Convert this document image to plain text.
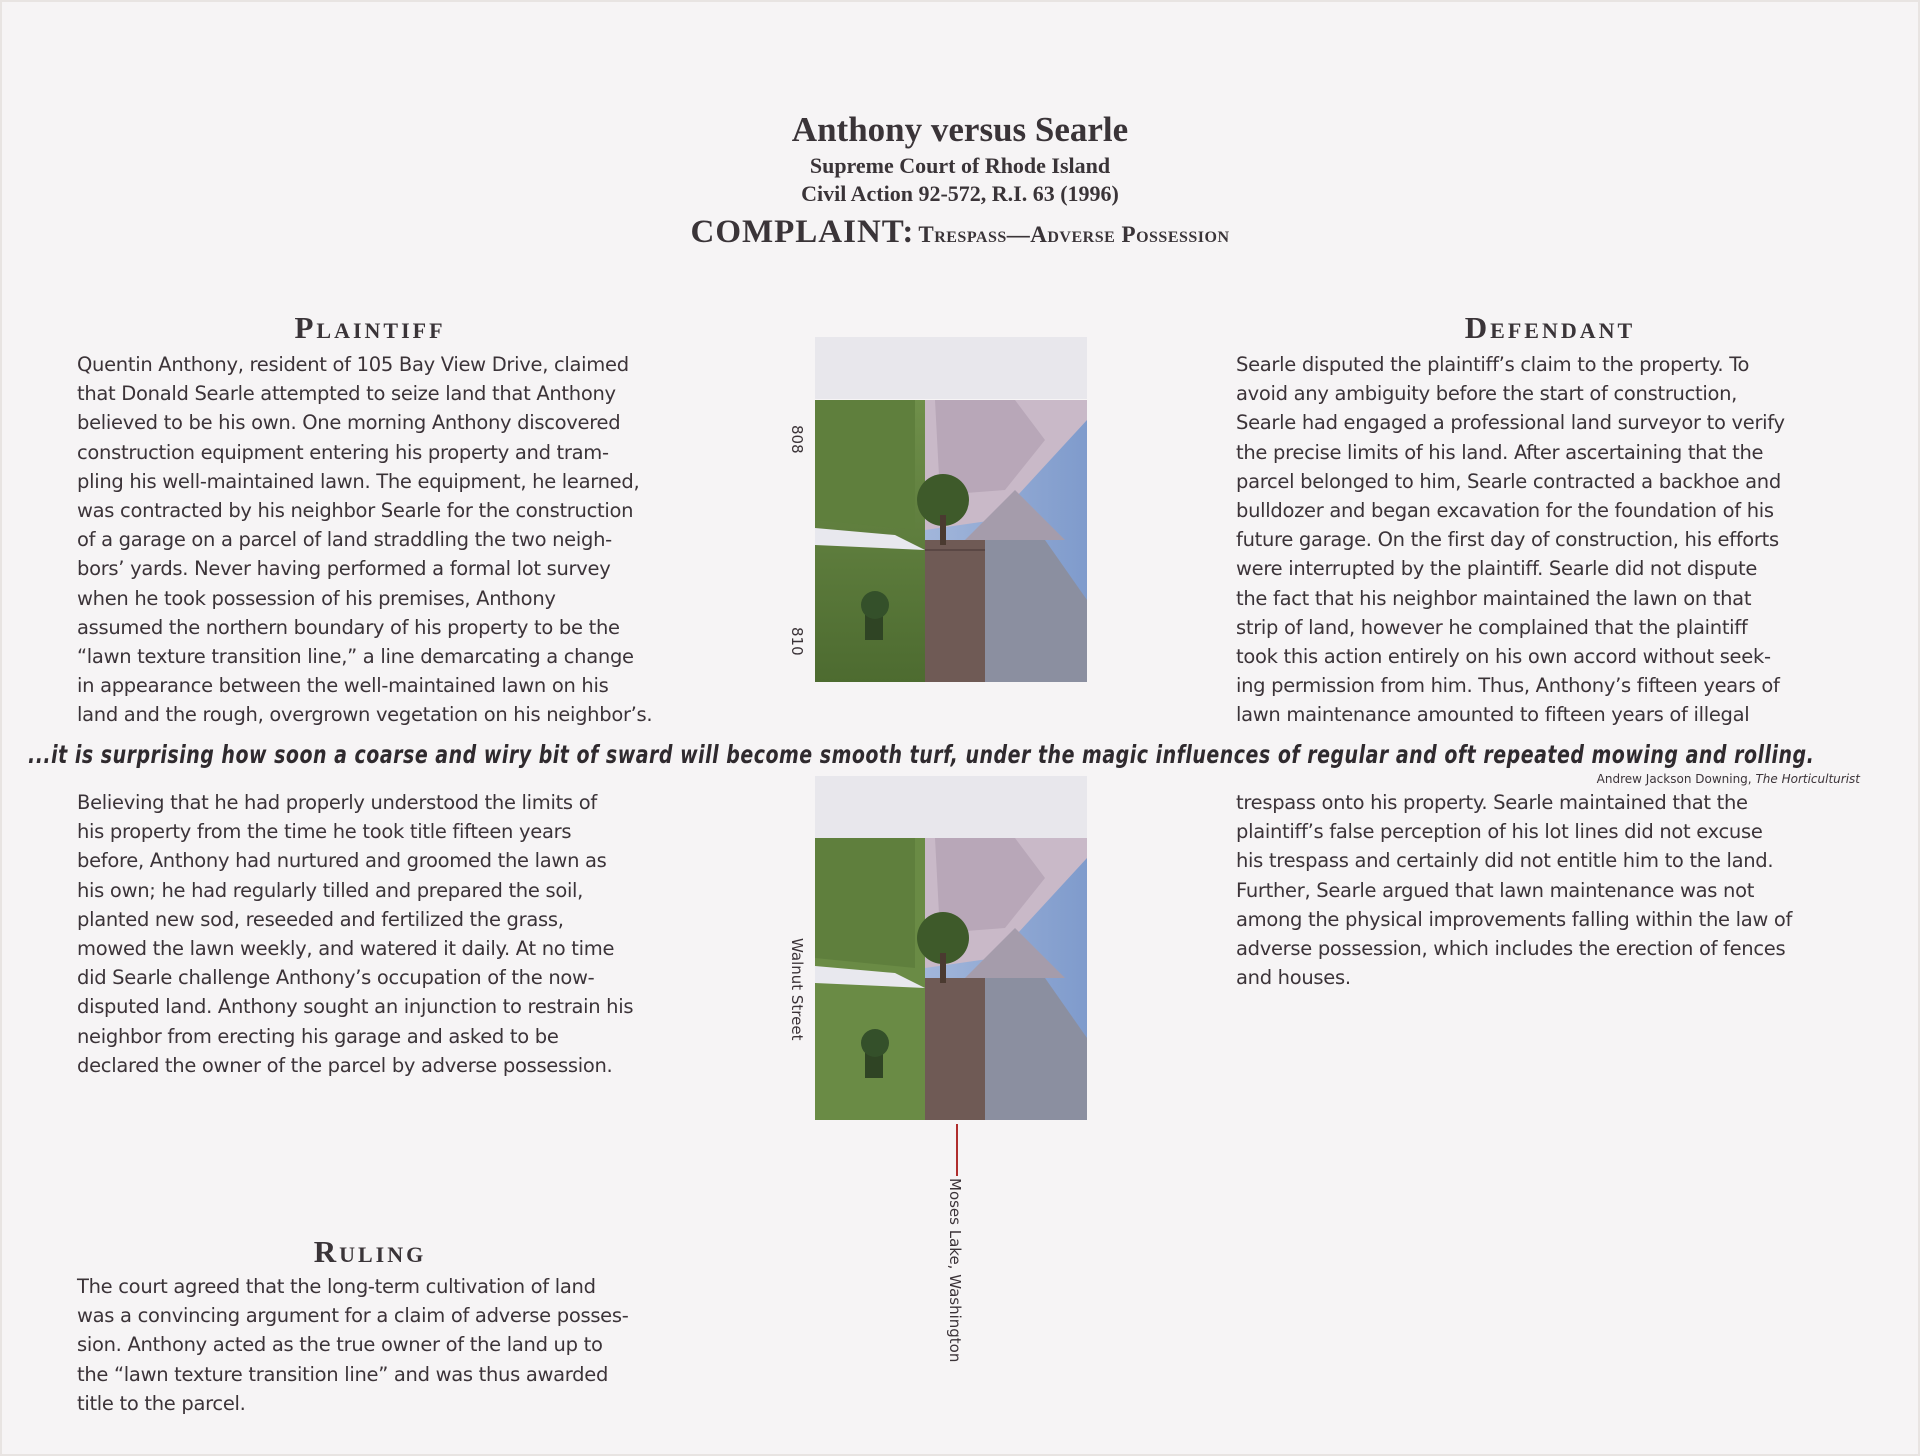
Anthony versus Searle
Supreme Court of Rhode Island
Civil Action 92-572, R.I. 63 (1996)
COMPLAINT: Trespass—Adverse Possession
Plaintiff

Quentin Anthony, resident of 105 Bay View Drive, claimed
that Donald Searle attempted to seize land that Anthony
believed to be his own. One morning Anthony discovered
construction equipment entering his property and tram-
pling his well-maintained lawn. The equipment, he learned,
was contracted by his neighbor Searle for the construction
of a garage on a parcel of land straddling the two neigh-
bors’ yards. Never having performed a formal lot survey
when he took possession of his premises, Anthony
assumed the northern boundary of his property to be the
“lawn texture transition line,” a line demarcating a change
in appearance between the well-maintained lawn on his
land and the rough, overgrown vegetation on his neighbor’s.

Believing that he had properly understood the limits of
his property from the time he took title fifteen years
before, Anthony had nurtured and groomed the lawn as
his own; he had regularly tilled and prepared the soil,
planted new sod, reseeded and fertilized the grass,
mowed the lawn weekly, and watered it daily. At no time
did Searle challenge Anthony’s occupation of the now-
disputed land. Anthony sought an injunction to restrain his
neighbor from erecting his garage and asked to be
declared the owner of the parcel by adverse possession.

Defendant

Searle disputed the plaintiff’s claim to the property. To
avoid any ambiguity before the start of construction,
Searle had engaged a professional land surveyor to verify
the precise limits of his land. After ascertaining that the
parcel belonged to him, Searle contracted a backhoe and
bulldozer and began excavation for the foundation of his
future garage. On the first day of construction, his efforts
were interrupted by the plaintiff. Searle did not dispute
the fact that his neighbor maintained the lawn on that
strip of land, however he complained that the plaintiff
took this action entirely on his own accord without seek-
ing permission from him. Thus, Anthony’s fifteen years of
lawn maintenance amounted to fifteen years of illegal

trespass onto his property. Searle maintained that the
plaintiff’s false perception of his lot lines did not excuse
his trespass and certainly did not entitle him to the land.
Further, Searle argued that lawn maintenance was not
among the physical improvements falling within the law of
adverse possession, which includes the erection of fences
and houses.

...it is surprising how soon a coarse and wiry bit of sward will become smooth turf, under the magic influences of regular and oft repeated mowing and rolling.
Andrew Jackson Downing, The Horticulturist
Ruling

The court agreed that the long-term cultivation of land
was a convincing argument for a claim of adverse posses-
sion. Anthony acted as the true owner of the land up to
the “lawn texture transition line” and was thus awarded
title to the parcel.

808
810
Walnut Street
Moses Lake, Washington
